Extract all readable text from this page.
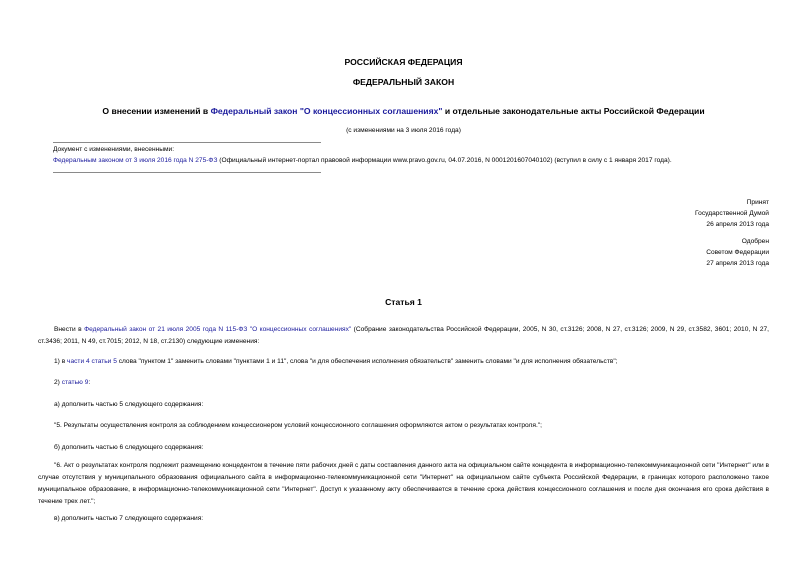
РОССИЙСКАЯ ФЕДЕРАЦИЯ
ФЕДЕРАЛЬНЫЙ ЗАКОН
О внесении изменений в Федеральный закон "О концессионных соглашениях" и отдельные законодательные акты Российской Федерации
(с изменениями на 3 июля 2016 года)
Документ с изменениями, внесенными:
Федеральным законом от 3 июля 2016 года N 275-ФЗ (Официальный интернет-портал правовой информации www.pravo.gov.ru, 04.07.2016, N 0001201607040102) (вступил в силу с 1 января 2017 года).
Принят
Государственной Думой
26 апреля 2013 года
Одобрен
Советом Федерации
27 апреля 2013 года
Статья 1
Внести в Федеральный закон от 21 июля 2005 года N 115-ФЗ "О концессионных соглашениях" (Собрание законодательства Российской Федерации, 2005, N 30, ст.3126; 2008, N 27, ст.3126; 2009, N 29, ст.3582, 3601; 2010, N 27, ст.3436; 2011, N 49, ст.7015; 2012, N 18, ст.2130) следующие изменения:
1) в части 4 статьи 5 слова "пунктом 1" заменить словами "пунктами 1 и 11", слова "и для обеспечения исполнения обязательств" заменить словами "и для исполнения обязательств";
2) статью 9:
а) дополнить частью 5 следующего содержания:
"5. Результаты осуществления контроля за соблюдением концессионером условий концессионного соглашения оформляются актом о результатах контроля.";
б) дополнить частью 6 следующего содержания:
"6. Акт о результатах контроля подлежит размещению концедентом в течение пяти рабочих дней с даты составления данного акта на официальном сайте концедента в информационно-телекоммуникационной сети "Интернет" или в случае отсутствия у муниципального образования официального сайта в информационно-телекоммуникационной сети "Интернет" на официальном сайте субъекта Российской Федерации, в границах которого расположено такое муниципальное образование, в информационно-телекоммуникационной сети "Интернет". Доступ к указанному акту обеспечивается в течение срока действия концессионного соглашения и после дня окончания его срока действия в течение трех лет.";
в) дополнить частью 7 следующего содержания:
